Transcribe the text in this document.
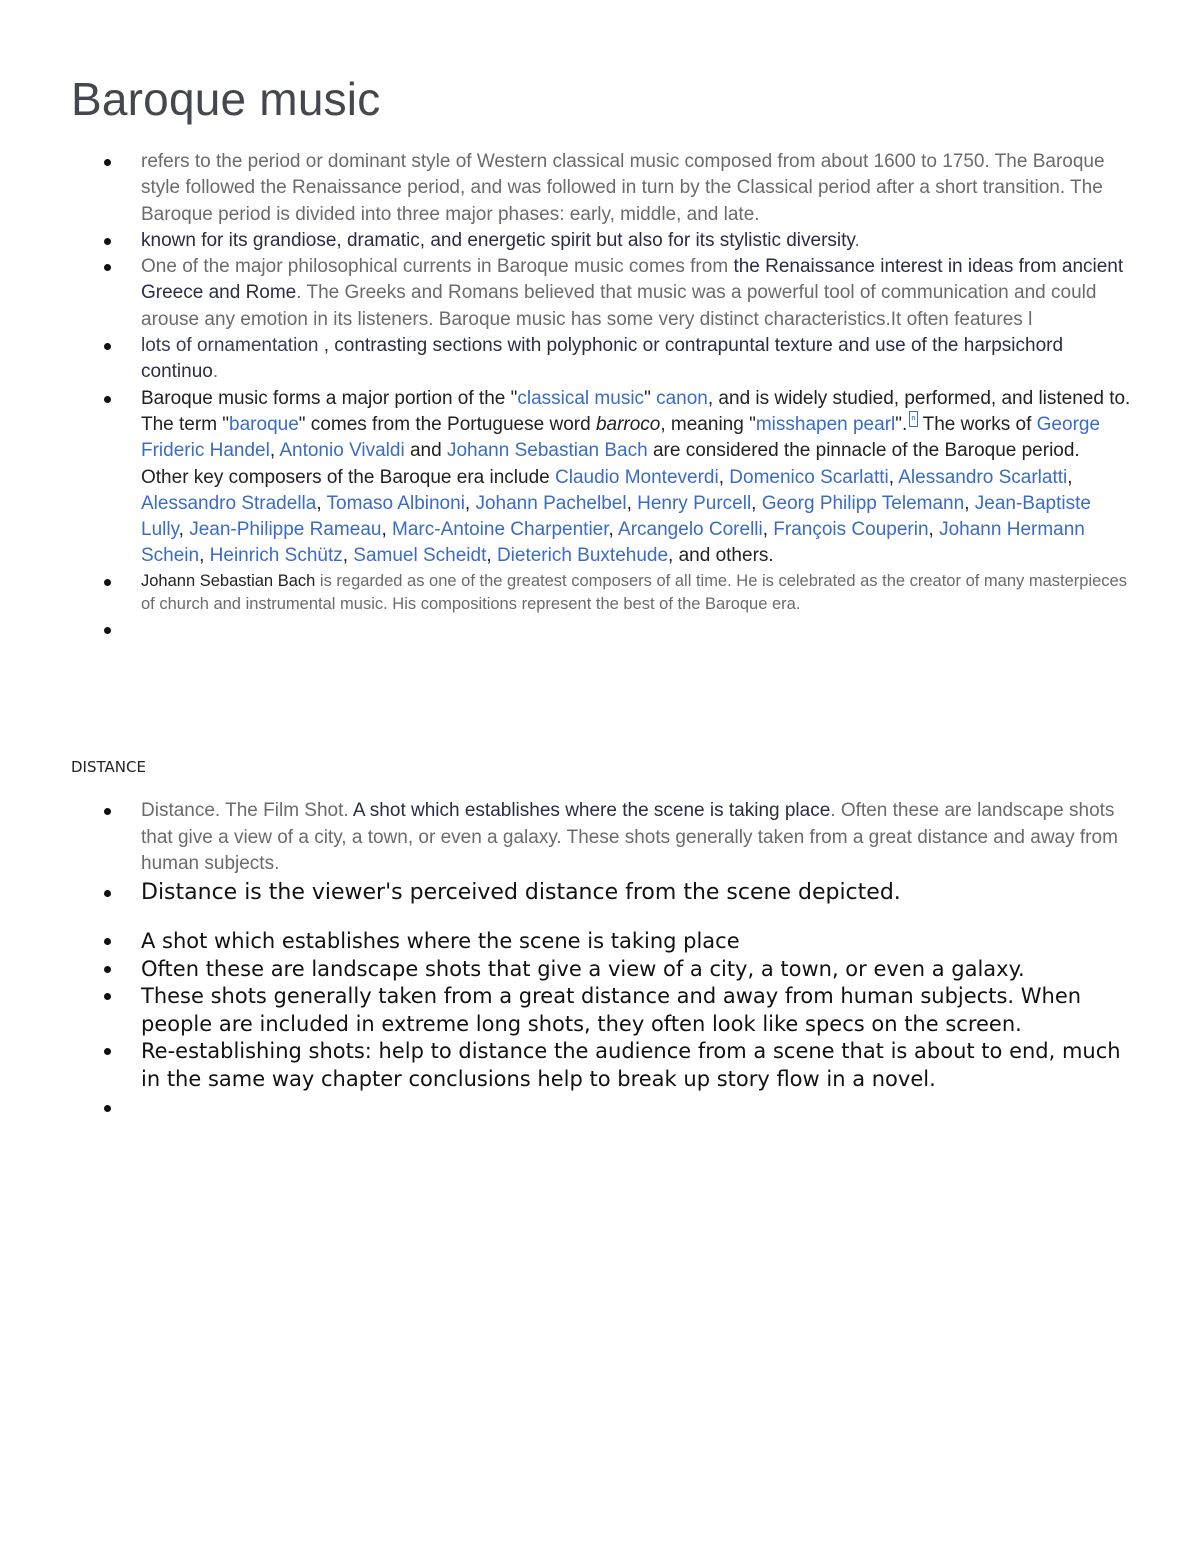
Baroque music
refers to the period or dominant style of Western classical music composed from about 1600 to 1750. The Baroque style followed the Renaissance period, and was followed in turn by the Classical period after a short transition. The Baroque period is divided into three major phases: early, middle, and late.
known for its grandiose, dramatic, and energetic spirit but also for its stylistic diversity.
One of the major philosophical currents in Baroque music comes from the Renaissance interest in ideas from ancient Greece and Rome. The Greeks and Romans believed that music was a powerful tool of communication and could arouse any emotion in its listeners. Baroque music has some very distinct characteristics.It often features l
lots of ornamentation , contrasting sections with polyphonic or contrapuntal texture and use of the harpsichord continuo.
Baroque music forms a major portion of the "classical music" canon, and is widely studied, performed, and listened to. The term "baroque" comes from the Portuguese word barroco, meaning "misshapen pearl". $^{^n}$ The works of George Frideric Handel, Antonio Vivaldi and Johann Sebastian Bach are considered the pinnacle of the Baroque period. Other key composers of the Baroque era include Claudio Monteverdi, Domenico Scarlatti, Alessandro Scarlatti, Alessandro Stradella, Tomaso Albinoni, Johann Pachelbel, Henry Purcell, Georg Philipp Telemann, Jean-Baptiste Lully, Jean-Philippe Rameau, Marc-Antoine Charpentier, Arcangelo Corelli, François Couperin, Johann Hermann Schein, Heinrich Schütz, Samuel Scheidt, Dieterich Buxtehude, and others.
Johann Sebastian Bach is regarded as one of the greatest composers of all time. He is celebrated as the creator of many masterpieces of church and instrumental music. His compositions represent the best of the Baroque era.
DISTANCE
Distance. The Film Shot. A shot which establishes where the scene is taking place. Often these are landscape shots that give a view of a city, a town, or even a galaxy. These shots generally taken from a great distance and away from human subjects.
Distance is the viewer's perceived distance from the scene depicted.
A shot which establishes where the scene is taking place
Often these are landscape shots that give a view of a city, a town, or even a galaxy.
These shots generally taken from a great distance and away from human subjects. When people are included in extreme long shots, they often look like specs on the screen.
Re-establishing shots: help to distance the audience from a scene that is about to end, much in the same way chapter conclusions help to break up story flow in a novel.
